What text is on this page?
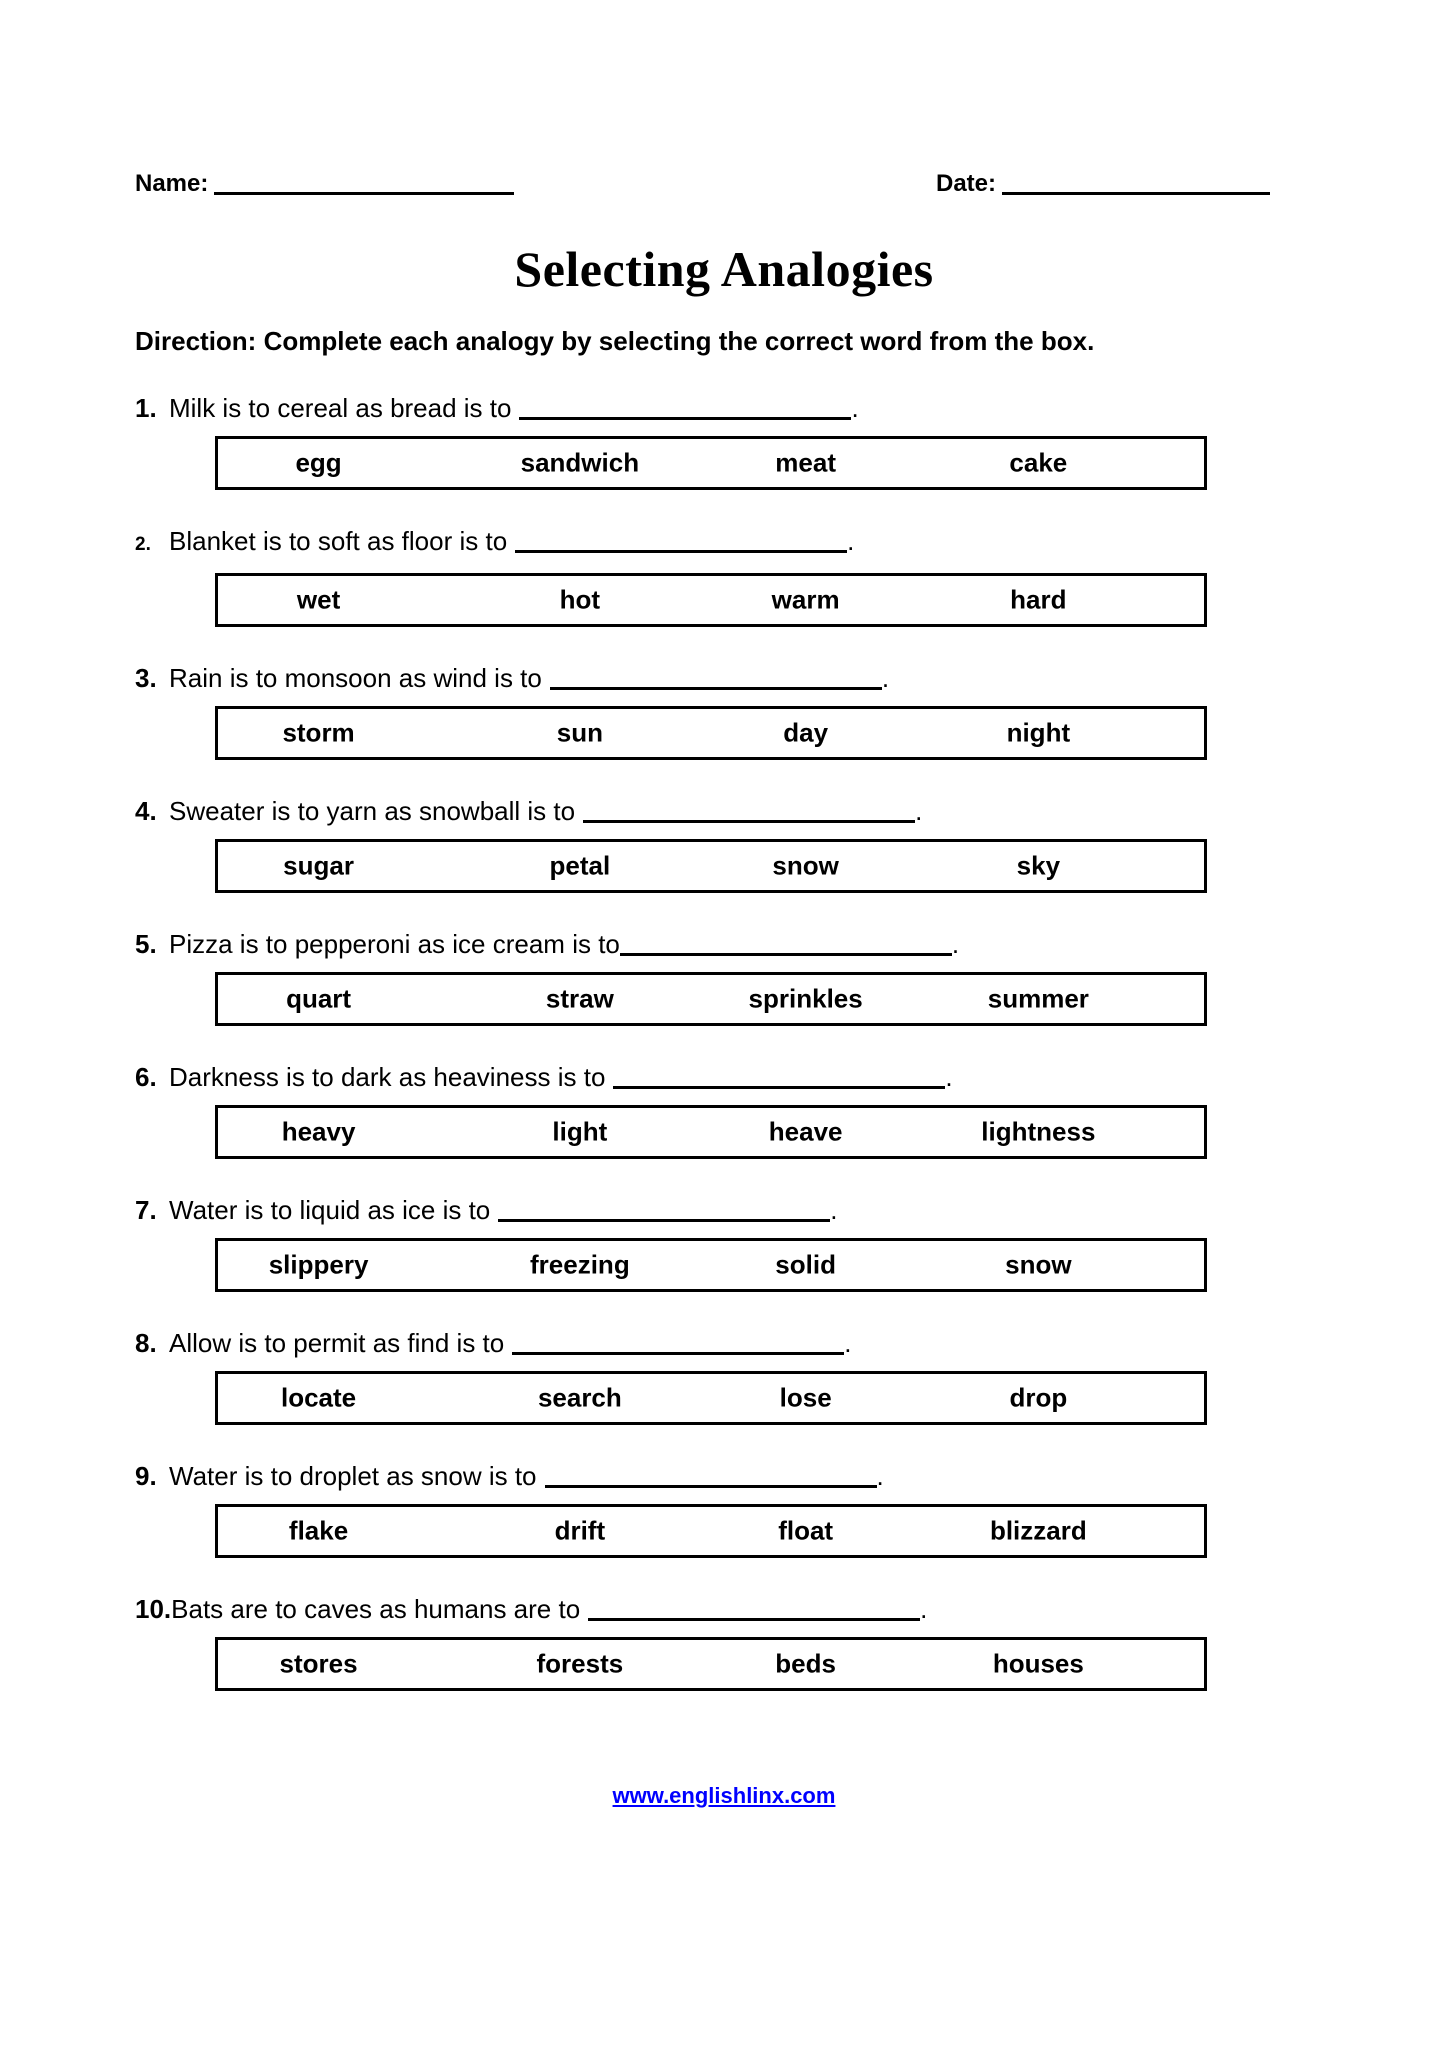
Name:	Date:
Selecting Analogies

Direction: Complete each analogy by selecting the correct word from the box.

1. Milk is to cereal as bread is to	.
egg	sandwich	meat	cake
2. Blanket is to soft as floor is to	.
wet	hot	warm	hard
3. Rain is to monsoon as wind is to	.
storm	sun	day	night
4. Sweater is to yarn as snowball is to	.
sugar	petal	snow	sky
5. Pizza is to pepperoni as ice cream is to	.
quart	straw	sprinkles	summer
6. Darkness is to dark as heaviness is to	.
heavy	light	heave	lightness
7. Water is to liquid as ice is to	.
slippery	freezing	solid	snow
8. Allow is to permit as find is to	.
locate	search	lose	drop
9. Water is to droplet as snow is to	.
flake	drift	float	blizzard
10.Bats are to caves as humans are to	.
stores	forests	beds	houses
www.englishlinx.com
